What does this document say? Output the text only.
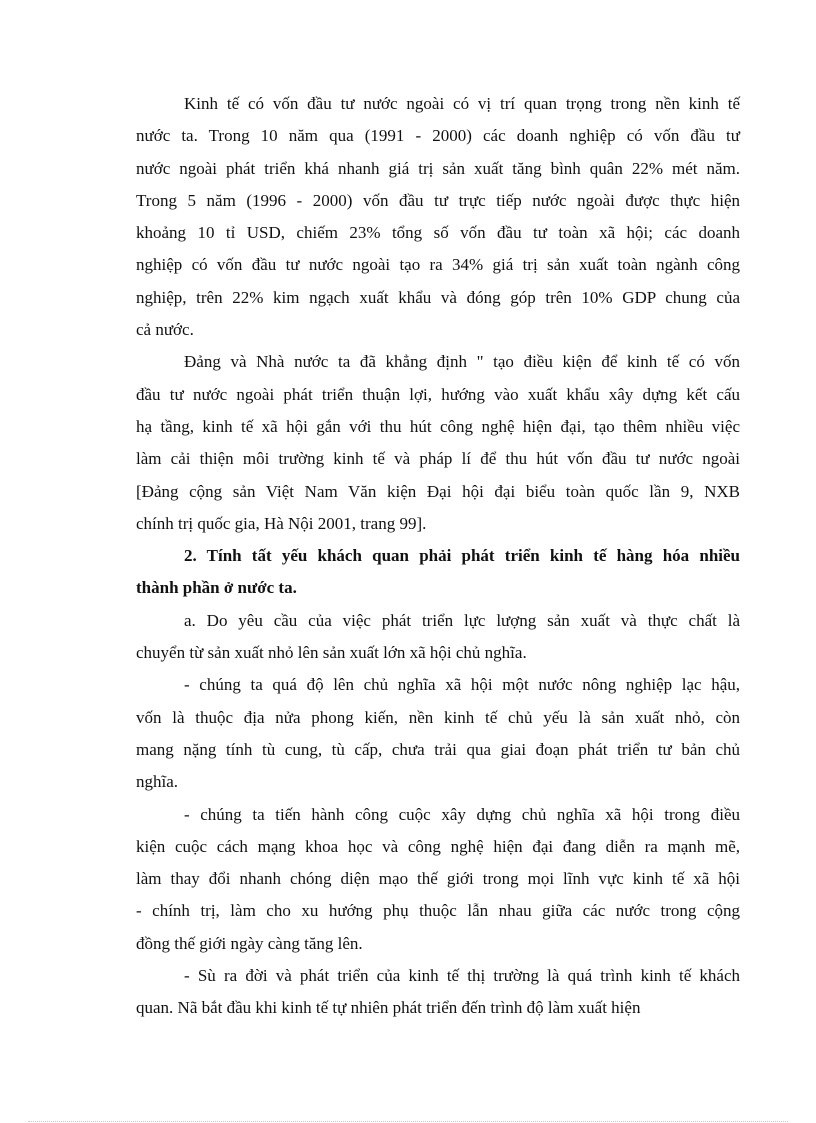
Kinh tế có vốn đầu tư nước ngoài có vị trí quan trọng trong nền kinh tế
nước ta. Trong 10 năm qua (1991 - 2000) các doanh nghiệp có vốn đầu tư
nước ngoài phát triển khá nhanh giá trị sản xuất tăng bình quân 22% mét năm.
Trong 5 năm (1996 - 2000) vốn đầu tư trực tiếp nước ngoài được thực hiện
khoảng 10 tỉ USD, chiếm 23% tổng số vốn đầu tư toàn xã hội; các doanh
nghiệp có vốn đầu tư nước ngoài tạo ra 34% giá trị sản xuất toàn ngành công
nghiệp, trên 22% kim ngạch xuất khẩu và đóng góp trên 10% GDP chung của
cả nước.
Đảng và Nhà nước ta đã khẳng định " tạo điều kiện để kinh tế có vốn
đầu tư nước ngoài phát triển thuận lợi, hướng vào xuất khẩu xây dựng kết cấu
hạ tầng, kinh tế xã hội gắn với thu hút công nghệ hiện đại, tạo thêm nhiều việc
làm cải thiện môi trường kinh tế và pháp lí để thu hút vốn đầu tư nước ngoài
[Đảng cộng sản Việt Nam Văn kiện Đại hội đại biểu toàn quốc lần 9, NXB
chính trị quốc gia, Hà Nội 2001, trang 99].
2. Tính tất yếu khách quan phải phát triển kinh tế hàng hóa nhiều
thành phần ở nước ta.
a. Do yêu cầu của việc phát triển lực lượng sản xuất và thực chất là
chuyển từ sản xuất nhỏ lên sản xuất lớn xã hội chủ nghĩa.
- chúng ta quá độ lên chủ nghĩa xã hội một nước nông nghiệp lạc hậu,
vốn là thuộc địa nửa phong kiến, nền kinh tế chủ yếu là sản xuất nhỏ, còn
mang nặng tính tù cung, tù cấp, chưa trải qua giai đoạn phát triển tư bản chủ
nghĩa.
- chúng ta tiến hành công cuộc xây dựng chủ nghĩa xã hội trong điều
kiện cuộc cách mạng khoa học và công nghệ hiện đại đang diễn ra mạnh mẽ,
làm thay đổi nhanh chóng diện mạo thế giới trong mọi lĩnh vực kinh tế xã hội
- chính trị, làm cho xu hướng phụ thuộc lẫn nhau giữa các nước trong cộng
đồng thế giới ngày càng tăng lên.
- Sù ra đời và phát triển của kinh tế thị trường là quá trình kinh tế khách
quan. Nã bắt đầu khi kinh tế tự nhiên phát triển đến trình độ làm xuất hiện
